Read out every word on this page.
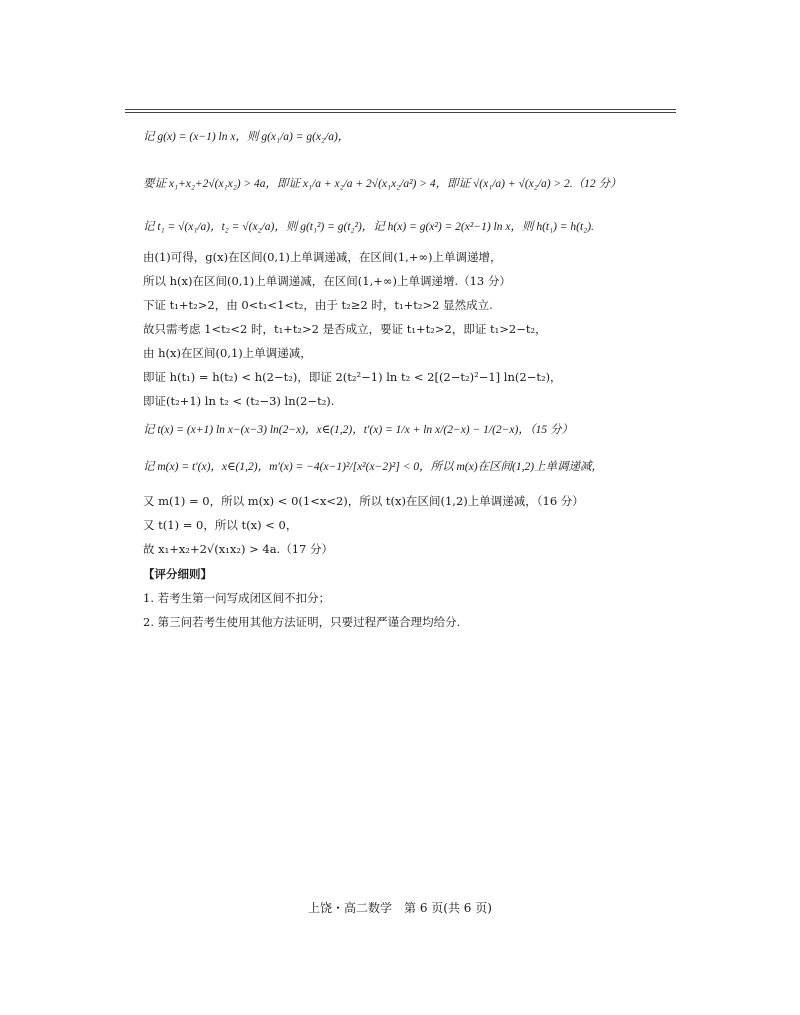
记 g(x) = (x−1) ln x，则 g(x₁/a) = g(x₂/a)，
要证 x₁+x₂+2√(x₁x₂) > 4a，即证 x₁/a + x₂/a + 2√(x₁x₂/a²) > 4，即证 √(x₁/a) + √(x₂/a) > 2.（12 分）
记 t₁ = √(x₁/a)，t₂ = √(x₂/a)，则 g(t₁²) = g(t₂²)，记 h(x) = g(x²) = 2(x²−1) ln x，则 h(t₁) = h(t₂).
由(1)可得，g(x)在区间(0,1)上单调递减，在区间(1,+∞)上单调递增，
所以 h(x)在区间(0,1)上单调递减，在区间(1,+∞)上单调递增.（13 分）
下证 t₁+t₂>2，由 0<t₁<1<t₂，由于 t₂≥2 时，t₁+t₂>2 显然成立.
故只需考虑 1<t₂<2 时，t₁+t₂>2 是否成立，要证 t₁+t₂>2，即证 t₁>2−t₂，
由 h(x)在区间(0,1)上单调递减，
即证 h(t₁) = h(t₂) < h(2−t₂)，即证 2(t₂²−1) ln t₂ < 2[(2−t₂)²−1] ln(2−t₂)，
即证(t₂+1) ln t₂ < (t₂−3) ln(2−t₂).
记 t(x) = (x+1) ln x−(x−3) ln(2−x)，x∈(1,2)，t′(x) = 1/x + ln x/(2−x) − 1/(2−x)，（15 分）
记 m(x) = t′(x)，x∈(1,2)，m′(x) = −4(x−1)²/[x²(x−2)²] < 0，所以 m(x)在区间(1,2)上单调递减，
又 m(1) = 0，所以 m(x) < 0(1<x<2)，所以 t(x)在区间(1,2)上单调递减，（16 分）
又 t(1) = 0，所以 t(x) < 0，
故 x₁+x₂+2√(x₁x₂) > 4a.（17 分）
【评分细则】
1. 若考生第一问写成闭区间不扣分；
2. 第三问若考生使用其他方法证明，只要过程严谨合理均给分.
上饶・高二数学　第 6 页(共 6 页)
